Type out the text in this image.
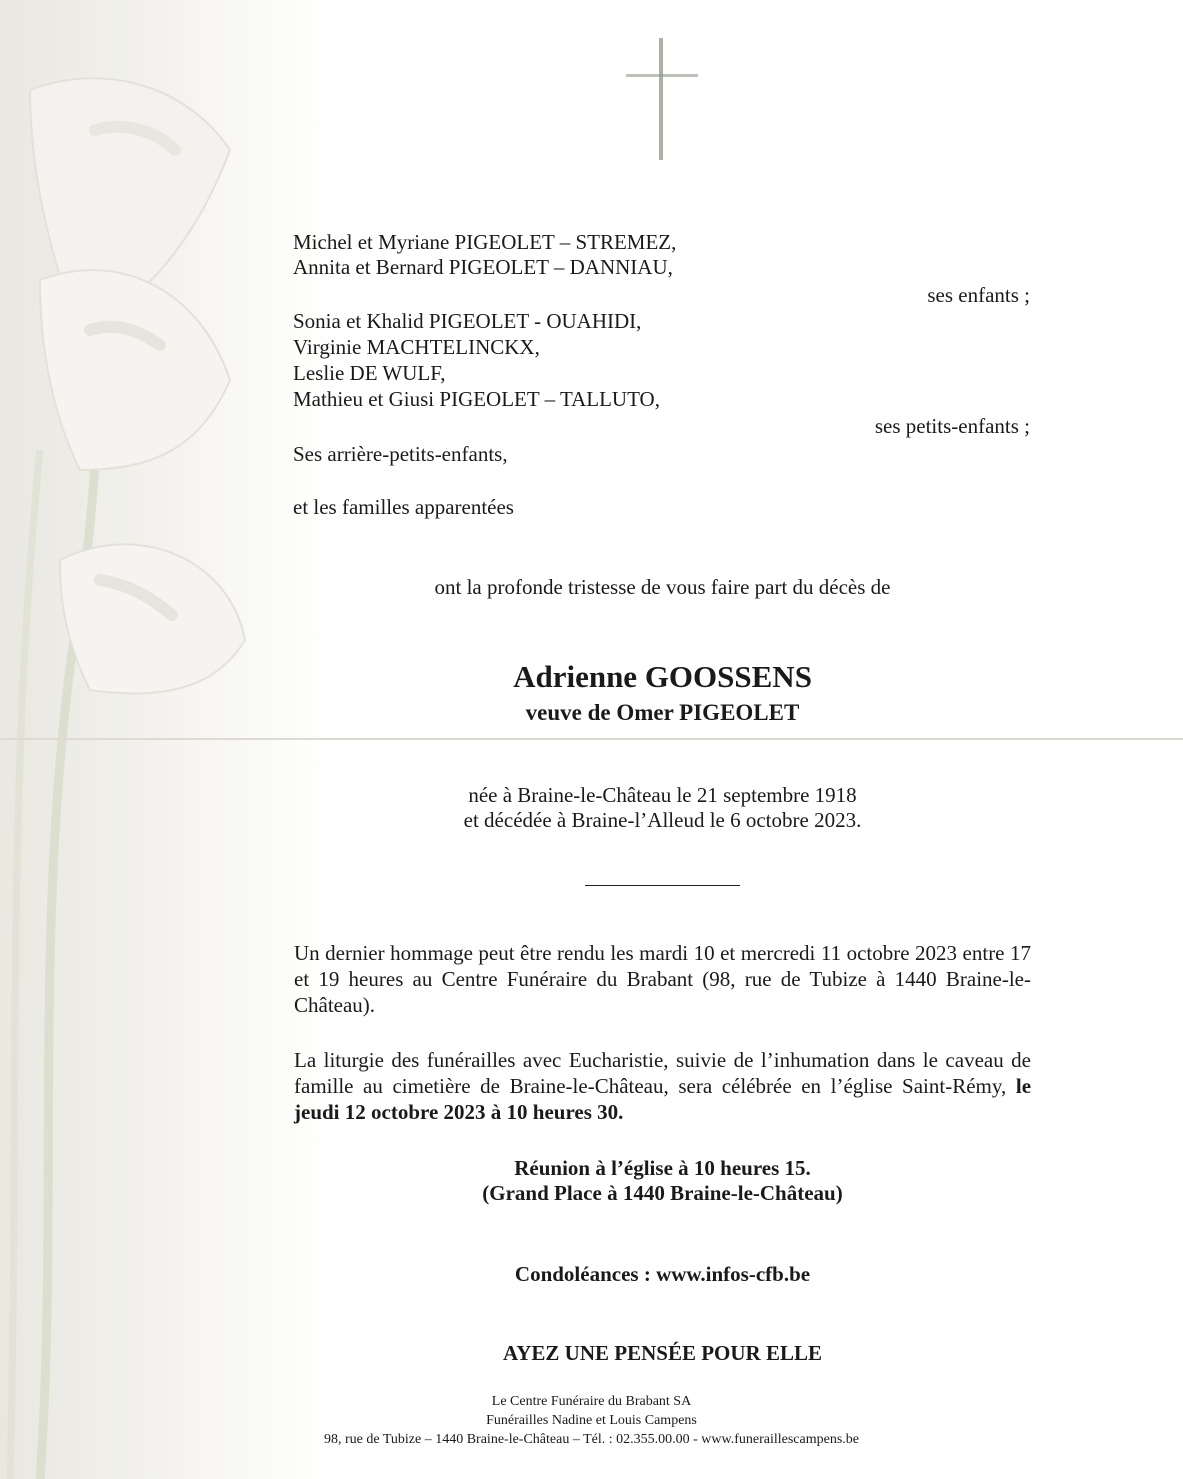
Michel et Myriane PIGEOLET – STREMEZ,
Annita et Bernard PIGEOLET – DANNIAU,
ses enfants ;
Sonia et Khalid PIGEOLET - OUAHIDI,
Virginie MACHTELINCKX,
Leslie DE WULF,
Mathieu et Giusi PIGEOLET – TALLUTO,
ses petits-enfants ;
Ses arrière-petits-enfants,
et les familles apparentées
ont la profonde tristesse de vous faire part du décès de
Adrienne GOOSSENS
veuve de Omer PIGEOLET
née à Braine-le-Château le 21 septembre 1918
et décédée à Braine-l’Alleud le 6 octobre 2023.
Un dernier hommage peut être rendu les mardi 10 et mercredi 11 octobre 2023 entre 17 et 19 heures au Centre Funéraire du Brabant (98, rue de Tubize à 1440 Braine-le-Château).
La liturgie des funérailles avec Eucharistie, suivie de l’inhumation dans le caveau de famille au cimetière de Braine-le-Château, sera célébrée en l’église Saint-Rémy, le jeudi 12 octobre 2023 à 10 heures 30.
Réunion à l’église à 10 heures 15.
(Grand Place à 1440 Braine-le-Château)
Condoléances : www.infos-cfb.be
AYEZ UNE PENSÉE POUR ELLE
Le Centre Funéraire du Brabant SA
Funérailles Nadine et Louis Campens
98, rue de Tubize – 1440 Braine-le-Château – Tél. : 02.355.00.00 - www.funeraillescampens.be
